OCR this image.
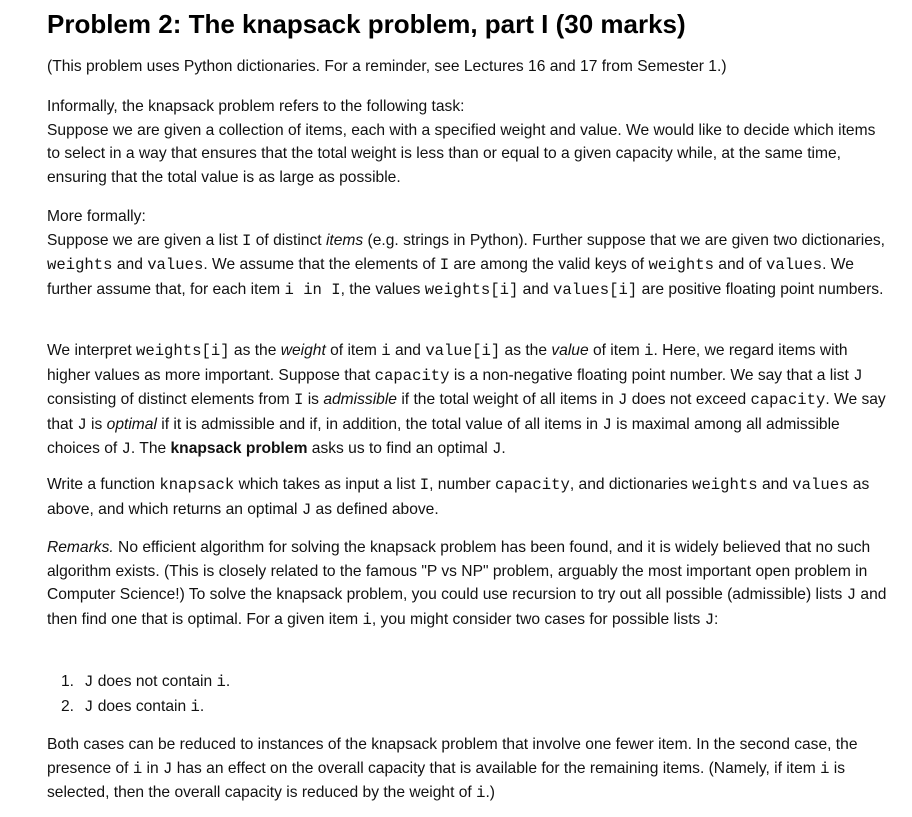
Problem 2: The knapsack problem, part I (30 marks)

(This problem uses Python dictionaries. For a reminder, see Lectures 16 and 17 from Semester 1.)

Informally, the knapsack problem refers to the following task:
Suppose we are given a collection of items, each with a specified weight and value. We would like to decide which items to select in a way that ensures that the total weight is less than or equal to a given capacity while, at the same time, ensuring that the total value is as large as possible.

More formally:
Suppose we are given a list I of distinct items (e.g. strings in Python). Further suppose that we are given two dictionaries, weights and values. We assume that the elements of I are among the valid keys of weights and of values. We further assume that, for each item i in I, the values weights[i] and values[i] are positive floating point numbers.

We interpret weights[i] as the weight of item i and value[i] as the value of item i. Here, we regard items with higher values as more important. Suppose that capacity is a non-negative floating point number. We say that a list J consisting of distinct elements from I is admissible if the total weight of all items in J does not exceed capacity. We say that J is optimal if it is admissible and if, in addition, the total value of all items in J is maximal among all admissible choices of J. The knapsack problem asks us to find an optimal J.

Write a function knapsack which takes as input a list I, number capacity, and dictionaries weights and values as above, and which returns an optimal J as defined above.

Remarks. No efficient algorithm for solving the knapsack problem has been found, and it is widely believed that no such algorithm exists. (This is closely related to the famous "P vs NP" problem, arguably the most important open problem in Computer Science!) To solve the knapsack problem, you could use recursion to try out all possible (admissible) lists J and then find one that is optimal. For a given item i, you might consider two cases for possible lists J:

1. J does not contain i.
2. J does contain i.

Both cases can be reduced to instances of the knapsack problem that involve one fewer item. In the second case, the presence of i in J has an effect on the overall capacity that is available for the remaining items. (Namely, if item i is selected, then the overall capacity is reduced by the weight of i.)
